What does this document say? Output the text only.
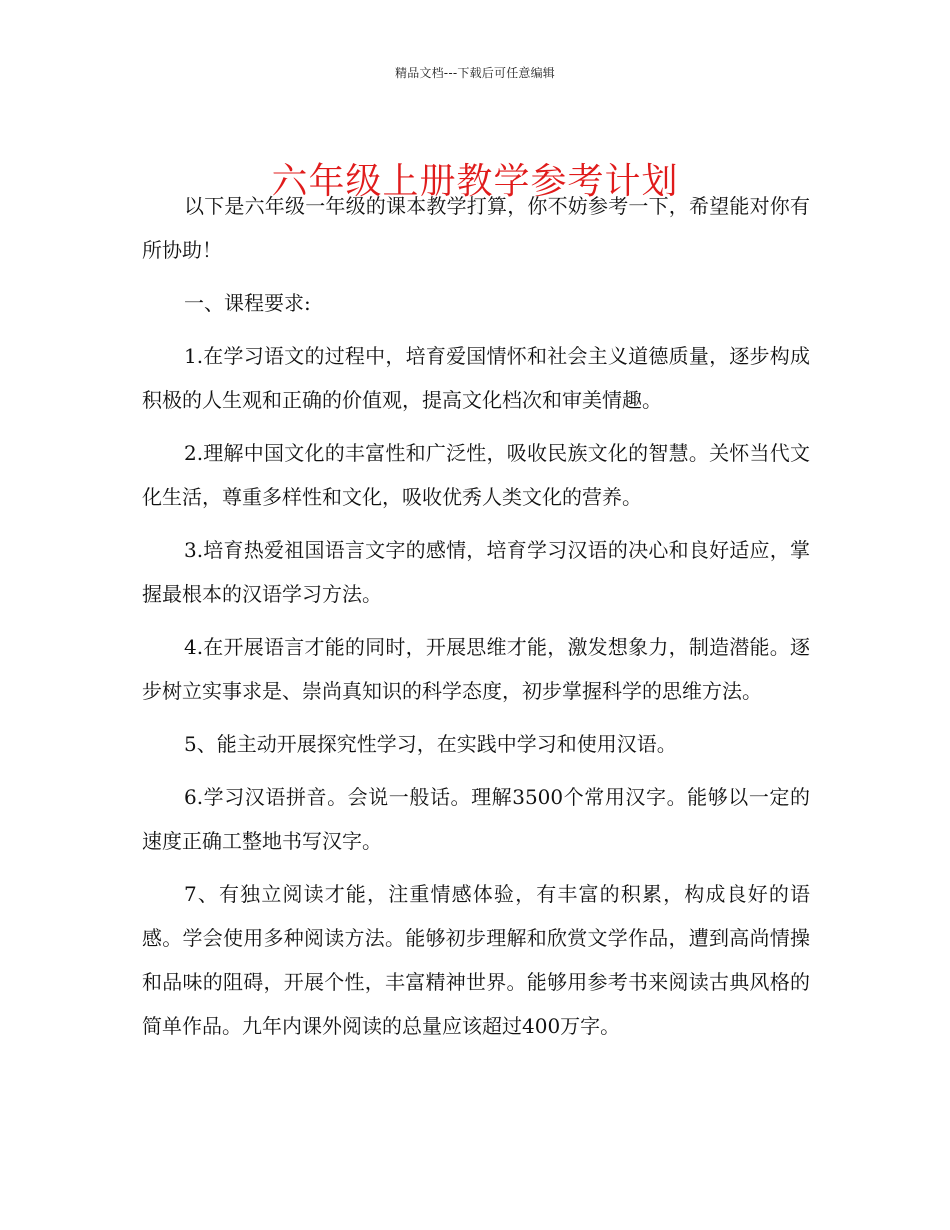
精品文档---下载后可任意编辑
六年级上册教学参考计划

以下是六年级一年级的课本教学打算，你不妨参考一下，希望能对你有所协助！

一、课程要求:

1.在学习语文的过程中，培育爱国情怀和社会主义道德质量，逐步构成积极的人生观和正确的价值观，提高文化档次和审美情趣。

2.理解中国文化的丰富性和广泛性，吸收民族文化的智慧。关怀当代文化生活，尊重多样性和文化，吸收优秀人类文化的营养。

3.培育热爱祖国语言文字的感情，培育学习汉语的决心和良好适应，掌握最根本的汉语学习方法。

4.在开展语言才能的同时，开展思维才能，激发想象力，制造潜能。逐步树立实事求是、崇尚真知识的科学态度，初步掌握科学的思维方法。

5、能主动开展探究性学习，在实践中学习和使用汉语。

6.学习汉语拼音。会说一般话。理解3500个常用汉字。能够以一定的速度正确工整地书写汉字。

7、有独立阅读才能，注重情感体验，有丰富的积累，构成良好的语感。学会使用多种阅读方法。能够初步理解和欣赏文学作品，遭到高尚情操和品味的阻碍，开展个性，丰富精神世界。能够用参考书来阅读古典风格的简单作品。九年内课外阅读的总量应该超过400万字。
